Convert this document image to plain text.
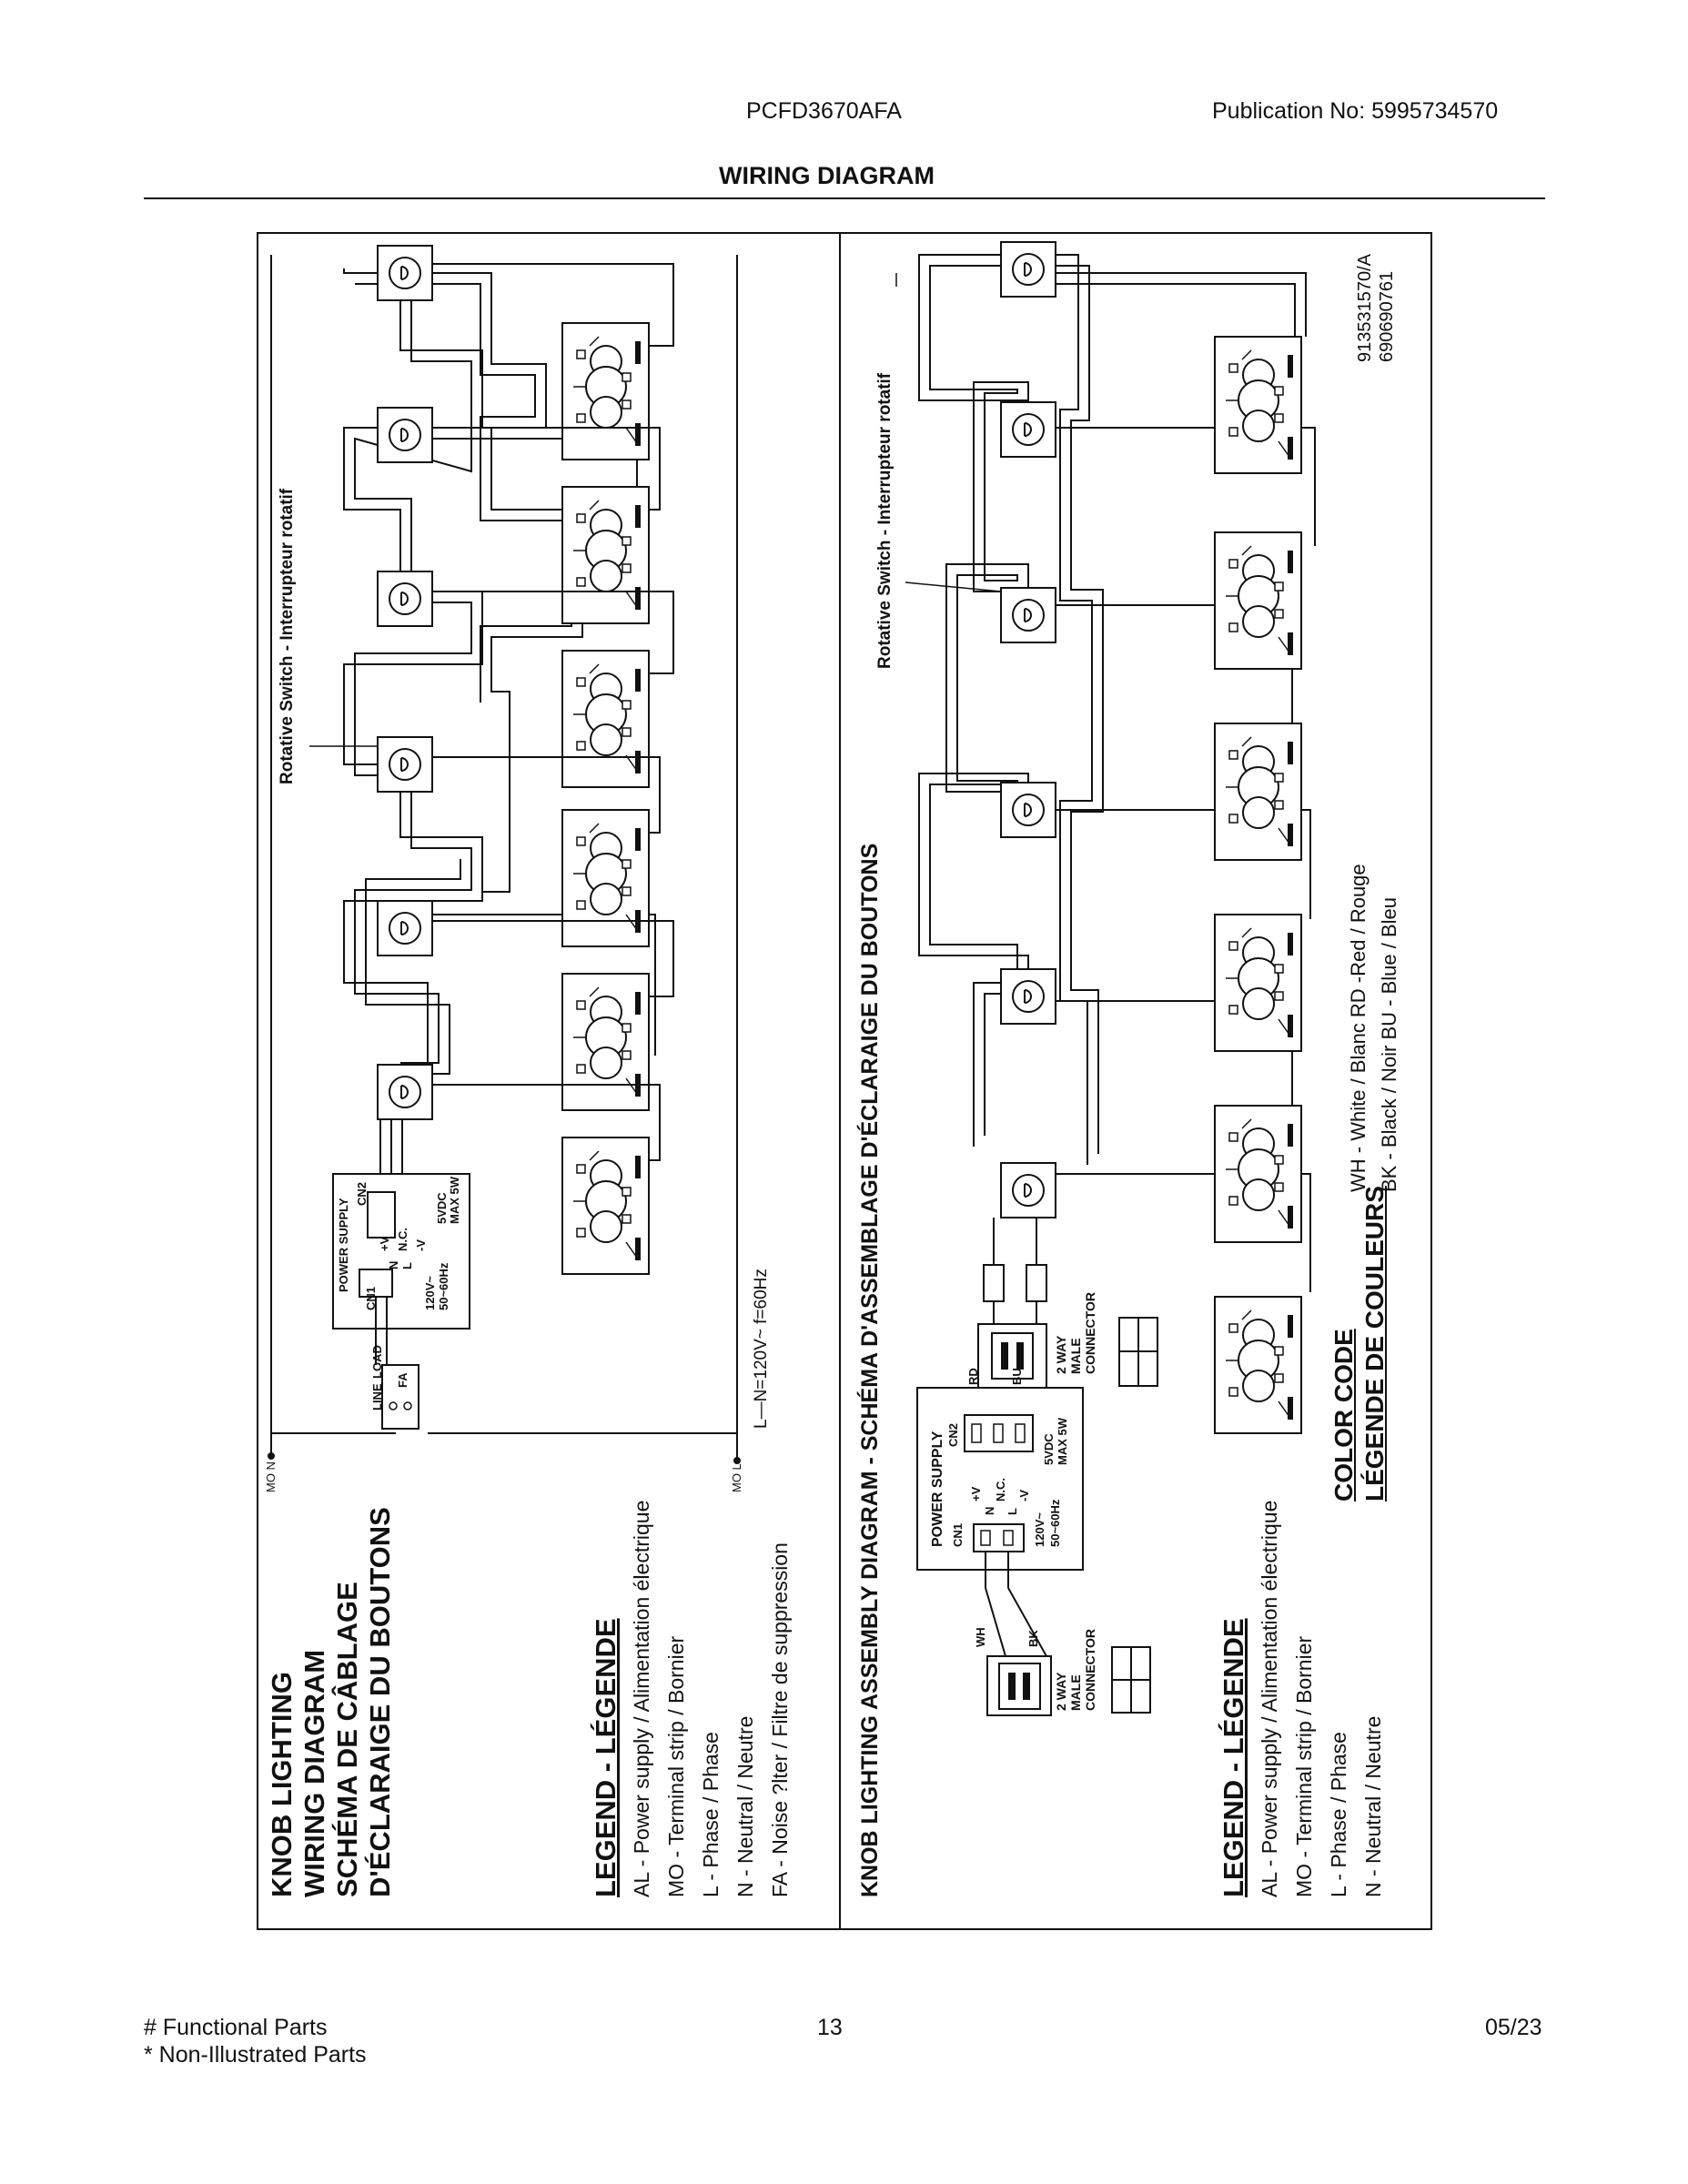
PCFD3670AFA	Publication No: 5995734570
WIRING DIAGRAM
KNOB LIGHTING WIRING DIAGRAM SCHÉMA DE CÂBLAGE D'ÉCLARAIGE DU BOUTONS	LEGEND - LÉGENDE AL - Power supply / Alimentation électrique MO - Terminal strip / Bornier L - Phase / Phase N - Neutral / Neutre FA - Noise ?lter / Filtre de suppression
Rotative Switch - Interrupteur rotatif
POWER SUPPLY
CN1
CN2
N L
120V~ 50~60Hz
+V N.C. -V
5VDC MAX 5W
LINE
LOAD
FA
MO N	MO L
L—N=120V~ f=60Hz	KNOB LIGHTING ASSEMBLY DIAGRAM - SCHÉMA D'ASSEMBLAGE D'ÉCLARAIGE DU BOUTONS
Rotative Switch - Interrupteur rotatif
LEGEND - LÉGENDE AL - Power supply / Alimentation électrique MO - Terminal strip / Bornier L - Phase / Phase N - Neutral / Neutre
POWER SUPPLY CN1
CN2
N L
120V~ 50~60Hz
+V N.C. -V
5VDC MAX 5W
RD	BU
WH	BK
2 WAY MALE CONNECTOR
2 WAY MALE CONNECTOR
COLOR CODE LÉGENDE DE COULEURS
WH - White / Blanc RD -Red / Rouge BK - Black / Noir BU - Blue / Bleu
913531570/A 690690761
# Functional Parts
* Non-Illustrated Parts
13	05/23
